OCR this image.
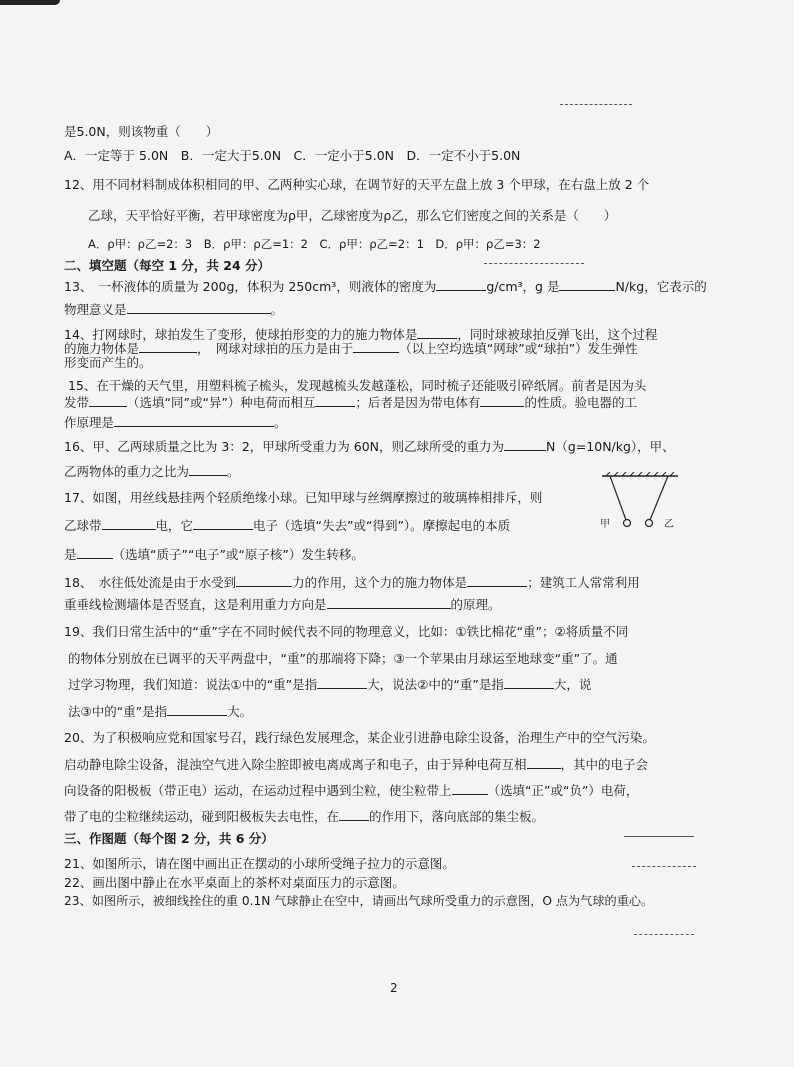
是5.0N，则该物重（　　）
A．一定等于 5.0N　B．一定大于5.0N　C．一定小于5.0N　D．一定不小于5.0N
12、用不同材料制成体积相同的甲、乙两种实心球，在调节好的天平左盘上放 3 个甲球，在右盘上放 2 个
乙球，天平恰好平衡，若甲球密度为ρ甲，乙球密度为ρ乙，那么它们密度之间的关系是（　　）
A．ρ甲：ρ乙=2：3　B．ρ甲：ρ乙=1：2　C．ρ甲：ρ乙=2：1　D．ρ甲：ρ乙=3：2
二、填空题（每空 1 分，共 24 分）
13、　一杯液体的质量为 200g，体积为 250cm³，则液体的密度为	g/cm³，g 是	N/kg，它表示的
物理意义是	。
14、打网球时，球拍发生了变形，使球拍形变的力的施力物体是	，同时球被球拍反弹飞出，这个过程
的施力物体是	，　网球对球拍的压力是由于	（以上空均选填“网球”或“球拍”）发生弹性
形变而产生的。
15、在干燥的天气里，用塑料梳子梳头，发现越梳头发越蓬松，同时梳子还能吸引碎纸屑。前者是因为头
发带	（选填“同”或“异”）种电荷而相互	；后者是因为带电体有	的性质。验电器的工
作原理是	。
16、甲、乙两球质量之比为 3：2，甲球所受重力为 60N，则乙球所受的重力为	N（g=10N/kg），甲、
乙两物体的重力之比为	。
17、如图，用丝线悬挂两个轻质绝缘小球。已知甲球与丝绸摩擦过的玻璃棒相排斥，则
乙球带	电，它	电子（选填“失去”或“得到”）。摩擦起电的本质
是	（选填“质子”“电子”或“原子核”）发生转移。
甲	乙
18、　水往低处流是由于水受到	力的作用，这个力的施力物体是	；建筑工人常常利用
重垂线检测墙体是否竖直，这是利用重力方向是	的原理。
19、我们日常生活中的“重”字在不同时候代表不同的物理意义，比如：①铁比棉花“重”；②将质量不同
的物体分别放在已调平的天平两盘中，“重”的那端将下降；③一个苹果由月球运至地球变“重”了。通
过学习物理，我们知道：说法①中的“重”是指	大，说法②中的“重”是指	大，说
法③中的“重”是指	大。
20、为了积极响应党和国家号召，践行绿色发展理念，某企业引进静电除尘设备，治理生产中的空气污染。
启动静电除尘设备，混浊空气进入除尘腔即被电离成离子和电子，由于异种电荷互相	，其中的电子会
向设备的阳极板（带正电）运动，在运动过程中遇到尘粒，使尘粒带上	（选填“正”或“负”）电荷，
带了电的尘粒继续运动，碰到阳极板失去电性，在 的作用下，落向底部的集尘板。
三、作图题（每个图 2 分，共 6 分）
21、如图所示，请在图中画出正在摆动的小球所受绳子拉力的示意图。
22、画出图中静止在水平桌面上的茶杯对桌面压力的示意图。
23、如图所示，被细线拴住的重 0.1N 气球静止在空中，请画出气球所受重力的示意图，O 点为气球的重心。
2
